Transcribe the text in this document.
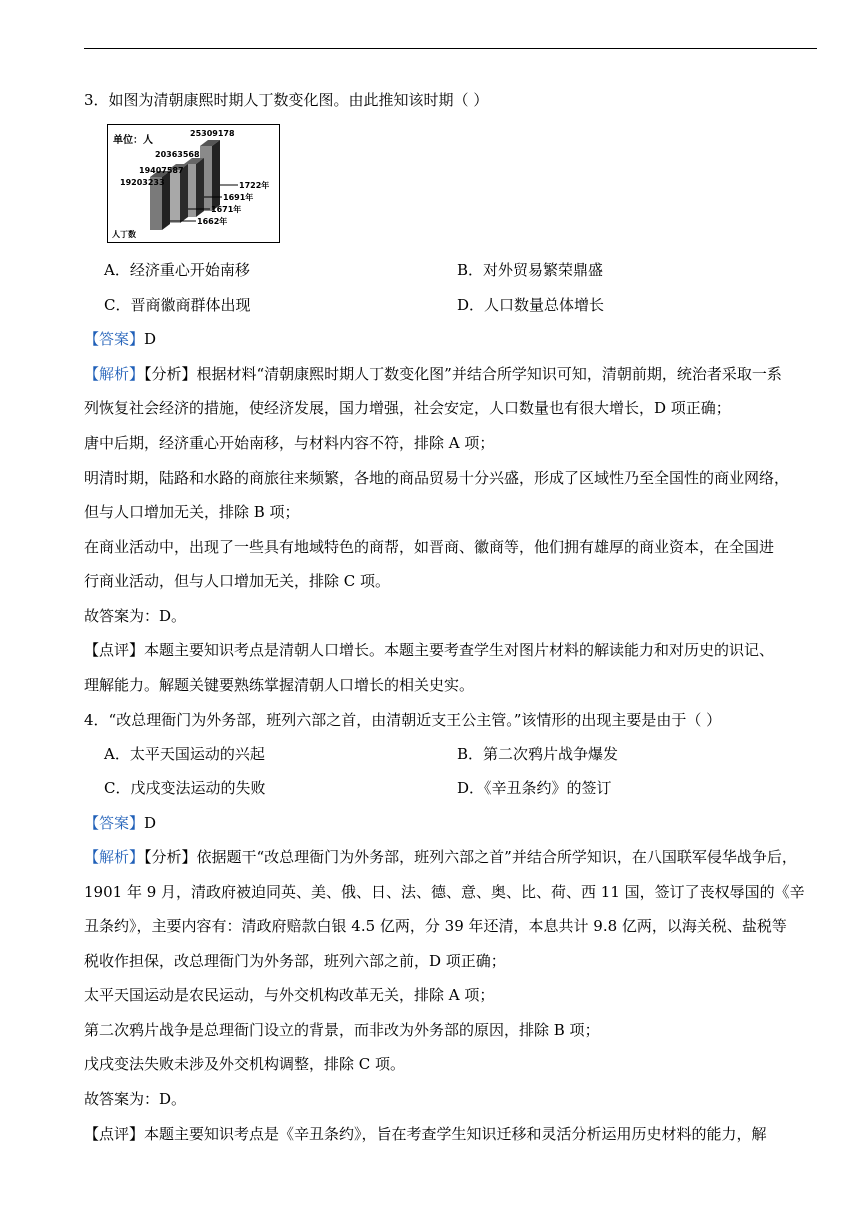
3．如图为清朝康熙时期人丁数变化图。由此推知该时期（ ）
单位：人
25309178
20363568
19407587
19203233	1722年
1691年
1671年
1662年
人丁数
A．经济重心开始南移	B．对外贸易繁荣鼎盛
C．晋商徽商群体出现	D．人口数量总体增长
【答案】D
【解析】【分析】根据材料“清朝康熙时期人丁数变化图”并结合所学知识可知，清朝前期，统治者采取一系
列恢复社会经济的措施，使经济发展，国力增强，社会安定，人口数量也有很大增长，D 项正确；
唐中后期，经济重心开始南移，与材料内容不符，排除 A 项；
明清时期，陆路和水路的商旅往来频繁，各地的商品贸易十分兴盛，形成了区域性乃至全国性的商业网络，
但与人口增加无关，排除 B 项；
在商业活动中，出现了一些具有地域特色的商帮，如晋商、徽商等，他们拥有雄厚的商业资本，在全国进
行商业活动，但与人口增加无关，排除 C 项。
故答案为：D。
【点评】本题主要知识考点是清朝人口增长。本题主要考查学生对图片材料的解读能力和对历史的识记、
理解能力。解题关键要熟练掌握清朝人口增长的相关史实。
4．“改总理衙门为外务部，班列六部之首，由清朝近支王公主管。”该情形的出现主要是由于（ ）
A．太平天国运动的兴起	B．第二次鸦片战争爆发
C．戊戌变法运动的失败	D．《辛丑条约》的签订
【答案】D
【解析】【分析】依据题干“改总理衙门为外务部，班列六部之首”并结合所学知识，在八国联军侵华战争后，
1901 年 9 月，清政府被迫同英、美、俄、日、法、德、意、奥、比、荷、西 11 国，签订了丧权辱国的《辛
丑条约》，主要内容有：清政府赔款白银 4.5 亿两，分 39 年还清，本息共计 9.8 亿两，以海关税、盐税等
税收作担保，改总理衙门为外务部，班列六部之前，D 项正确；
太平天国运动是农民运动，与外交机构改革无关，排除 A 项；
第二次鸦片战争是总理衙门设立的背景，而非改为外务部的原因，排除 B 项；
戊戌变法失败未涉及外交机构调整，排除 C 项。
故答案为：D。
【点评】本题主要知识考点是《辛丑条约》，旨在考查学生知识迁移和灵活分析运用历史材料的能力，解
